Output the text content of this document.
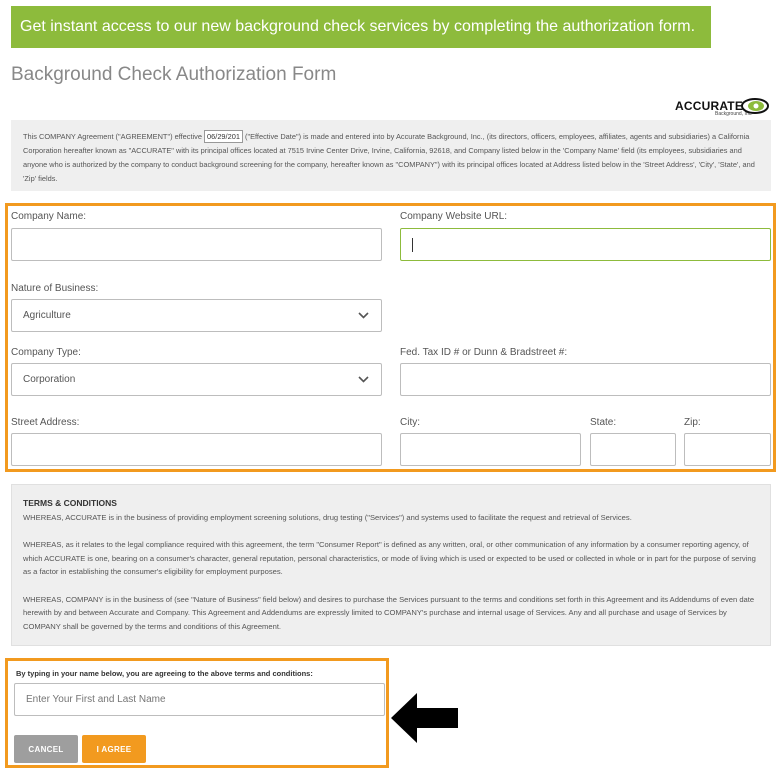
Get instant access to our new background check services by completing the authorization form.
Background Check Authorization Form
ACCURATE
Background, Inc.
This COMPANY Agreement ("AGREEMENT") effective 06/29/201 ("Effective Date") is made and entered into by Accurate Background, Inc., (its directors, officers, employees, affiliates, agents and subsidiaries) a California Corporation hereafter known as "ACCURATE" with its principal offices located at 7515 Irvine Center Drive, Irvine, California, 92618, and Company listed below in the 'Company Name' field (its employees, subsidiaries and anyone who is authorized by the company to conduct background screening for the company, hereafter known as "COMPANY") with its principal offices located at Address listed below in the 'Street Address', 'City', 'State', and 'Zip' fields.
Company Name:	Company Website URL:
Nature of Business:
Agriculture
Company Type:
Corporation
Fed. Tax ID # or Dunn & Bradstreet #:
Street Address:	City:	State:	Zip:
TERMS & CONDITIONS

WHEREAS, ACCURATE is in the business of providing employment screening solutions, drug testing ("Services") and systems used to facilitate the request and retrieval of Services.

WHEREAS, as it relates to the legal compliance required with this agreement, the term "Consumer Report" is defined as any written, oral, or other communication of any information by a consumer reporting agency, of which ACCURATE is one, bearing on a consumer's character, general reputation, personal characteristics, or mode of living which is used or expected to be used or collected in whole or in part for the purpose of serving as a factor in establishing the consumer's eligibility for employment purposes.

WHEREAS, COMPANY is in the business of (see "Nature of Business" field below) and desires to purchase the Services pursuant to the terms and conditions set forth in this Agreement and its Addendums of even date herewith by and between Accurate and Company. This Agreement and Addendums are expressly limited to COMPANY's purchase and internal usage of Services. Any and all purchase and usage of Services by COMPANY shall be governed by the terms and conditions of this Agreement.

By typing in your name below, you are agreeing to the above terms and conditions:
Enter Your First and Last Name
CANCEL	I AGREE
